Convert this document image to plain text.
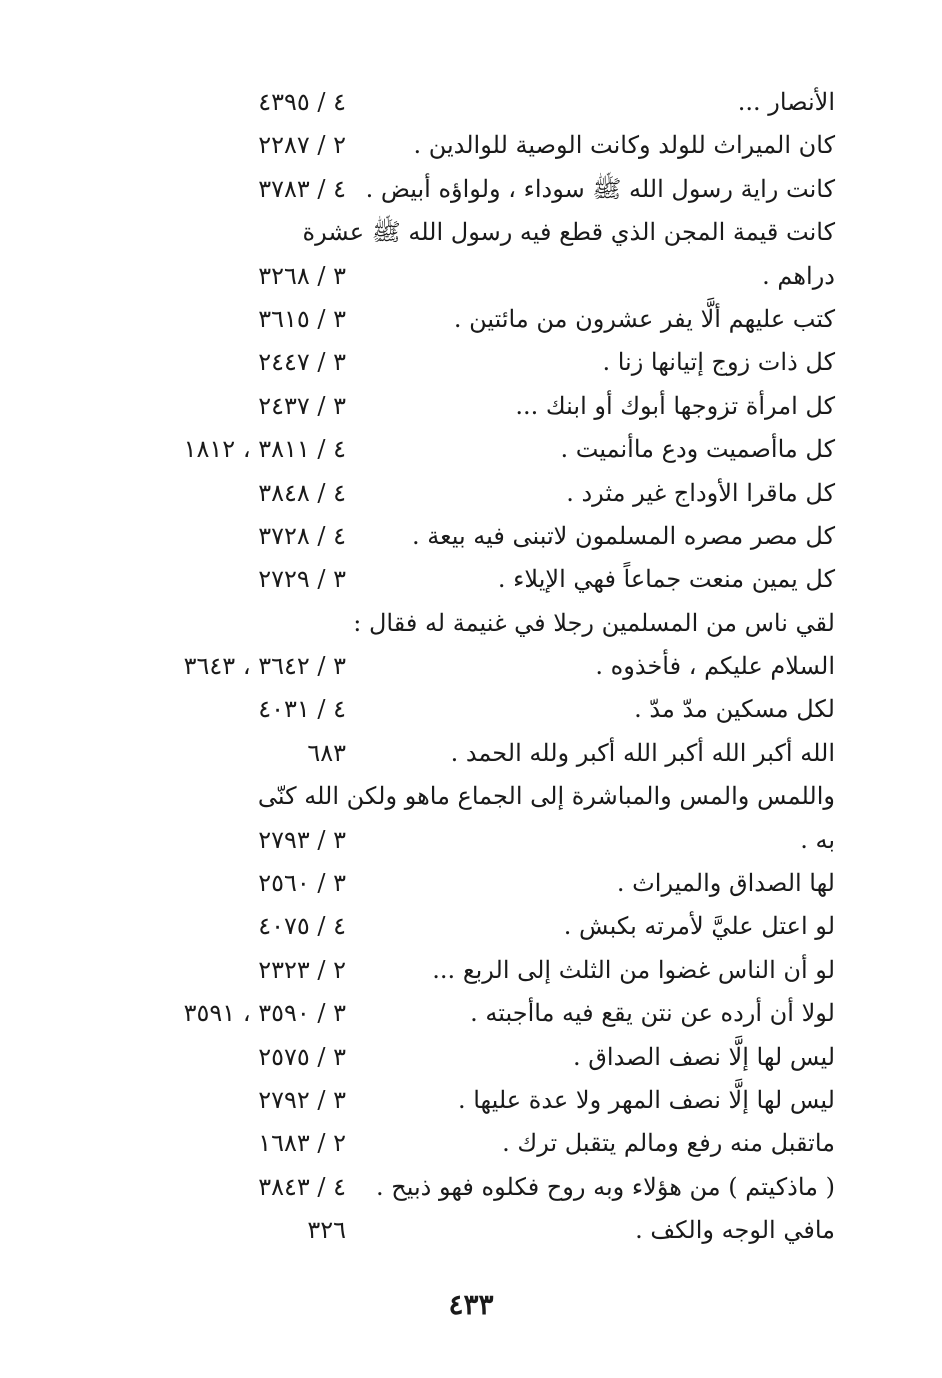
الأنصار ...
٤ / ٤٣٩٥
كان الميراث للولد وكانت الوصية للوالدين .
٢ / ٢٢٨٧
كانت راية رسول الله ﷺ سوداء ، ولواؤه أبيض .
٤ / ٣٧٨٣
كانت قيمة المجن الذي قطع فيه رسول الله ﷺ عشرة
دراهم .
٣ / ٣٢٦٨
كتب عليهم ألَّا يفر عشرون من مائتين .
٣ / ٣٦١٥
كل ذات زوج إتيانها زنا .
٣ / ٢٤٤٧
كل امرأة تزوجها أبوك أو ابنك ...
٣ / ٢٤٣٧
كل ماأصميت ودع ماأنميت .
٤ / ٣٨١١ ، ١٨١٢
كل ماقرا الأوداج غير مثرد .
٤ / ٣٨٤٨
كل مصر مصره المسلمون لاتبنى فيه بيعة .
٤ / ٣٧٢٨
كل يمين منعت جماعاً فهي الإيلاء .
٣ / ٢٧٢٩
لقي ناس من المسلمين رجلا في غنيمة له فقال :
السلام عليكم ، فأخذوه .
٣ / ٣٦٤٢ ، ٣٦٤٣
لكل مسكين مدّ مدّ .
٤ / ٤٠٣١
الله أكبر الله أكبر الله أكبر ولله الحمد .
٦٨٣
واللمس والمس والمباشرة إلى الجماع ماهو ولكن الله كنّى
به .
٣ / ٢٧٩٣
لها الصداق والميراث .
٣ / ٢٥٦٠
لو اعتل عليَّ لأمرته بكبش .
٤ / ٤٠٧٥
لو أن الناس غضوا من الثلث إلى الربع ...
٢ / ٢٣٢٣
لولا أن أرده عن نتن يقع فيه ماأجبته .
٣ / ٣٥٩٠ ، ٣٥٩١
ليس لها إلَّا نصف الصداق .
٣ / ٢٥٧٥
ليس لها إلَّا نصف المهر ولا عدة عليها .
٣ / ٢٧٩٢
ماتقبل منه رفع ومالم يتقبل ترك .
٢ / ١٦٨٣
( ماذكيتم ) من هؤلاء وبه روح فكلوه فهو ذبيح .
٤ / ٣٨٤٣
مافي الوجه والكف .
٣٢٦
٤٣٣
